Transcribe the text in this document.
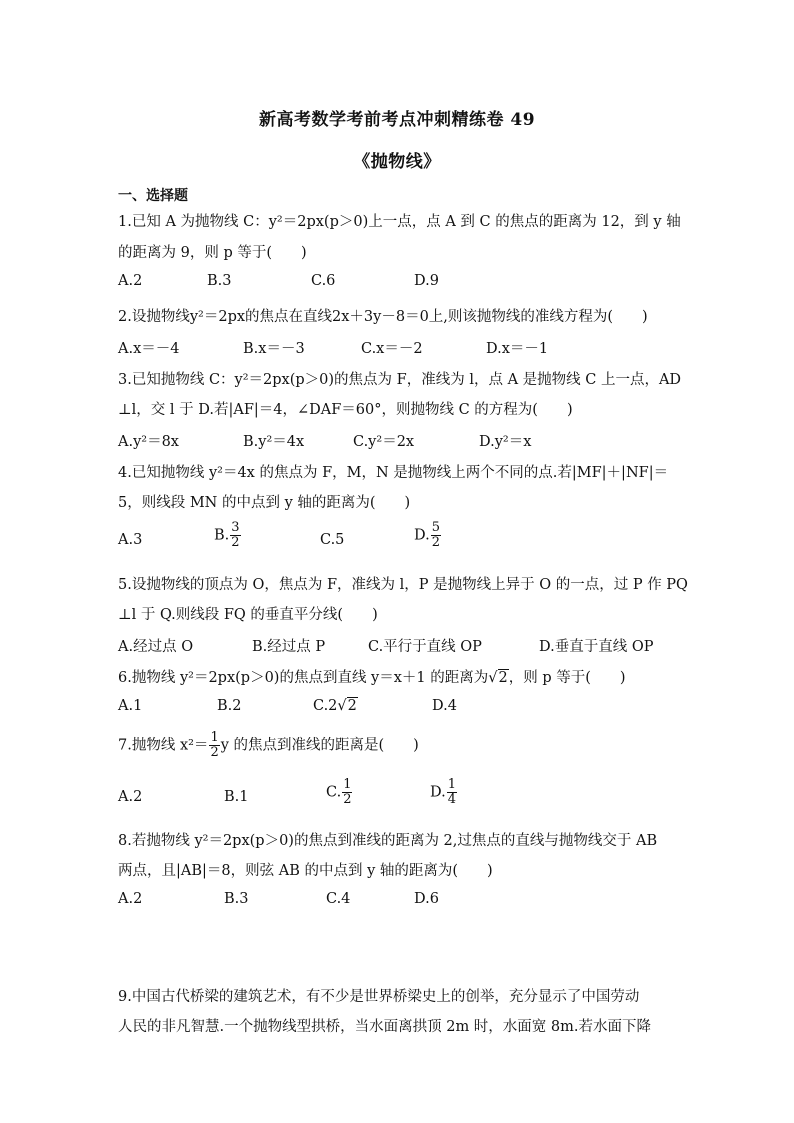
新高考数学考前考点冲刺精练卷 49
《抛物线》
一、选择题
1.已知 A 为抛物线 C：y²＝2px(p＞0)上一点，点 A 到 C 的焦点的距离为 12，到 y 轴
的距离为 9，则 p 等于(　　)
A.2	B.3	C.6	D.9
2.设抛物线y²＝2px的焦点在直线2x＋3y－8＝0上,则该抛物线的准线方程为(　　)
A.x＝－4	B.x＝－3	C.x＝－2	D.x＝－1
3.已知抛物线 C：y²＝2px(p＞0)的焦点为 F，准线为 l，点 A 是抛物线 C 上一点，AD
⊥l，交 l 于 D.若|AF|＝4，∠DAF＝60°，则抛物线 C 的方程为(　　)
A.y²＝8x	B.y²＝4x	C.y²＝2x	D.y²＝x
4.已知抛物线 y²＝4x 的焦点为 F，M，N 是抛物线上两个不同的点.若|MF|＋|NF|＝
5，则线段 MN 的中点到 y 轴的距离为(　　)
A.3	B. $\frac{3}{2}$	C.5	D. $\frac{5}{2}$
5.设抛物线的顶点为 O，焦点为 F，准线为 l，P 是抛物线上异于 O 的一点，过 P 作 PQ
⊥l 于 Q.则线段 FQ 的垂直平分线(　　)
A.经过点 O	B.经过点 P	C.平行于直线 OP	D.垂直于直线 OP
6.抛物线 y²＝2px(p＞0)的焦点到直线 y＝x＋1 的距离为√2，则 p 等于(　　)
A.1	B.2	C.2√2	D.4
7.抛物线 $x^2= \frac{1}{2}$ y 的焦点到准线的距离是(　　)
A.2	B.1	C. $\frac{1}{2}$	D. $\frac{1}{4}$
8.若抛物线 y²＝2px(p＞0)的焦点到准线的距离为 2,过焦点的直线与抛物线交于 AB
两点，且|AB|＝8，则弦 AB 的中点到 y 轴的距离为(　　)
A.2	B.3	C.4	D.6
9.中国古代桥梁的建筑艺术，有不少是世界桥梁史上的创举，充分显示了中国劳动
人民的非凡智慧.一个抛物线型拱桥，当水面离拱顶 2m 时，水面宽 8m.若水面下降
